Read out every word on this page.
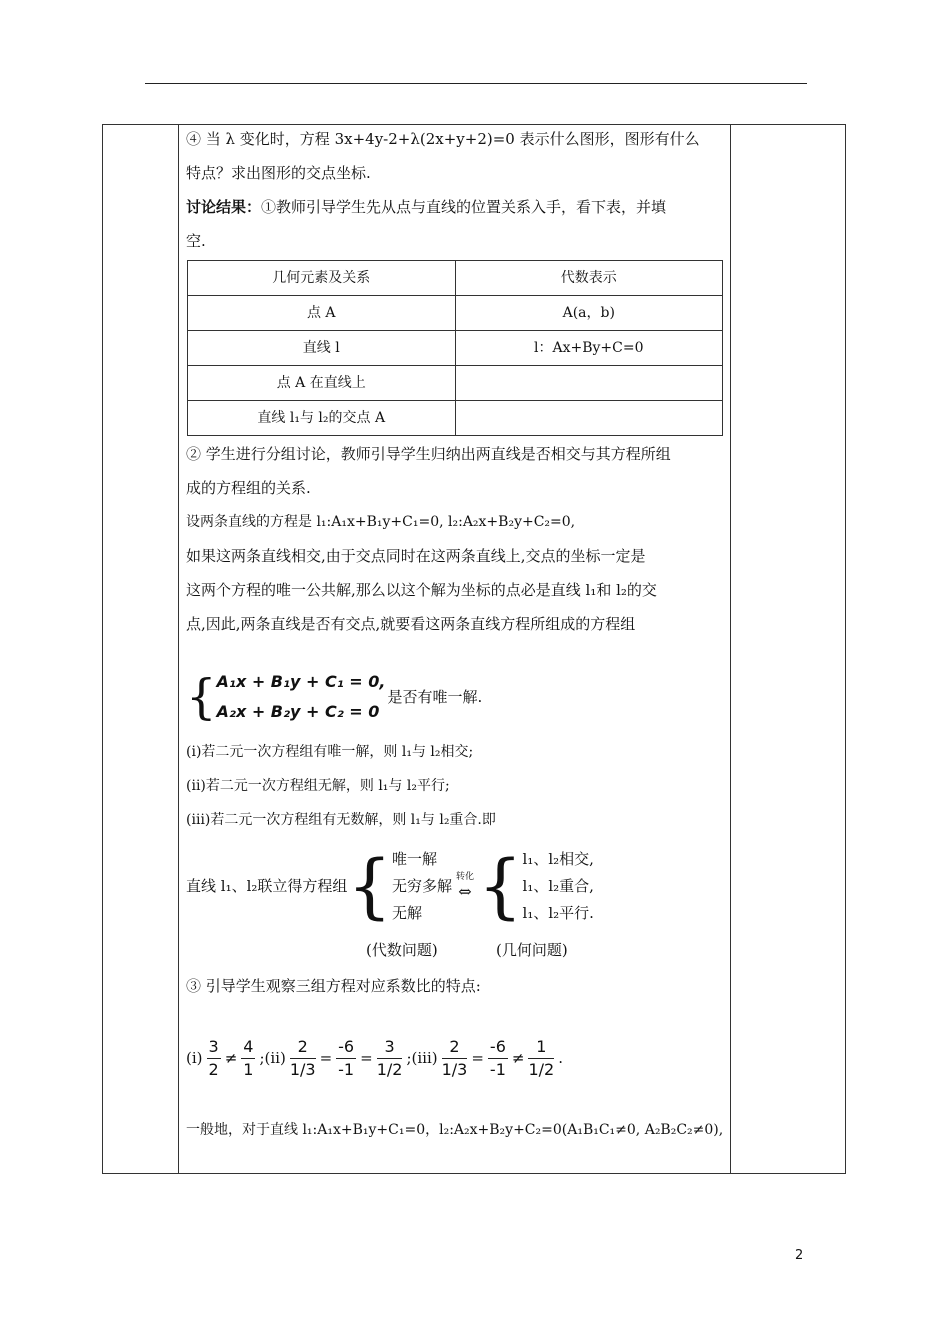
④ 当 λ 变化时，方程 3x+4y-2+λ(2x+y+2)=0 表示什么图形，图形有什么

特点？求出图形的交点坐标.

讨论结果：①教师引导学生先从点与直线的位置关系入手，看下表，并填

空.

几何元素及关系	代数表示
点 A	A(a，b)
直线 l	l：Ax+By+C=0
点 A 在直线上	
直线 l₁与 l₂的交点 A	

② 学生进行分组讨论，教师引导学生归纳出两直线是否相交与其方程所组

成的方程组的关系.

设两条直线的方程是 l₁:A₁x+B₁y+C₁=0, l₂:A₂x+B₂y+C₂=0,

如果这两条直线相交,由于交点同时在这两条直线上,交点的坐标一定是

这两个方程的唯一公共解,那么以这个解为坐标的点必是直线 l₁和 l₂的交

点,因此,两条直线是否有交点,就要看这两条直线方程所组成的方程组

{ A₁x + B₁y + C₁ = 0,
A₂x + B₂y + C₂ = 0
是否有唯一解.

(ⅰ)若二元一次方程组有唯一解，则 l₁与 l₂相交;

(ⅱ)若二元一次方程组无解，则 l₁与 l₂平行;

(ⅲ)若二元一次方程组有无数解，则 l₁与 l₂重合.即

直线 l₁、l₂联立得方程组 { 唯一解
无穷多解
无解
转化
⇔ { l₁、l₂相交,
l₁、l₂重合,
l₁、l₂平行.
(代数问题)	(几何问题)

③ 引导学生观察三组方程对应系数比的特点:

(ⅰ) $\frac{3}{2} \ne \frac{4}{1}$ ;(ⅱ) $\frac{2}{1/3} = \frac{-6}{-1} = \frac{3}{1/2}$ ;(ⅲ) $\frac{2}{1/3} = \frac{-6}{-1} \ne \frac{1}{1/2}$ .

一般地，对于直线 l₁:A₁x+B₁y+C₁=0，l₂:A₂x+B₂y+C₂=0(A₁B₁C₁≠0, A₂B₂C₂≠0),

2
